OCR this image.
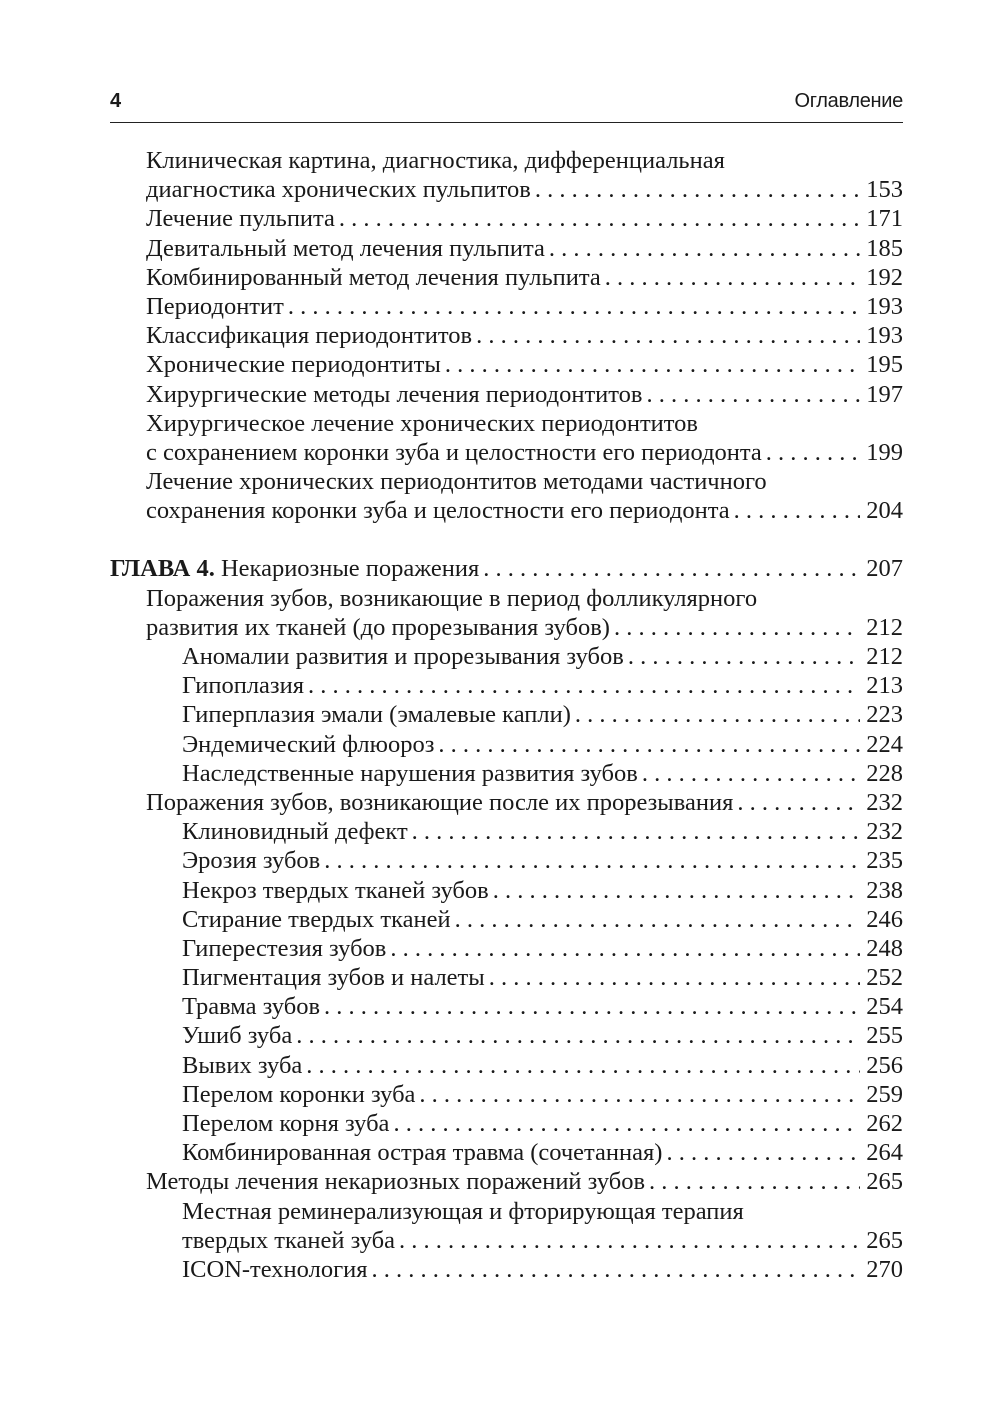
4	Оглавление
Клиническая картина, диагностика, дифференциальная
диагностика хронических пульпитов . . .	153
Лечение пульпита . . .	171
Девитальный метод лечения пульпита . . .	185
Комбинированный метод лечения пульпита . . .	192
Периодонтит . . .	193
Классификация периодонтитов . . .	193
Хронические периодонтиты . . .	195
Хирургические методы лечения периодонтитов . . .	197
Хирургическое лечение хронических периодонтитов
с сохранением коронки зуба и целостности его периодонта . . .	199
Лечение хронических периодонтитов методами частичного
сохранения коронки зуба и целостности его периодонта . . .	204
ГЛАВА 4. Некариозные поражения . . .	207
Поражения зубов, возникающие в период фолликулярного
развития их тканей (до прорезывания зубов) . . .	212
Аномалии развития и прорезывания зубов . . .	212
Гипоплазия . . .	213
Гиперплазия эмали (эмалевые капли) . . .	223
Эндемический флюороз . . .	224
Наследственные нарушения развития зубов . . .	228
Поражения зубов, возникающие после их прорезывания . . .	232
Клиновидный дефект . . .	232
Эрозия зубов . . .	235
Некроз твердых тканей зубов . . .	238
Стирание твердых тканей . . .	246
Гиперестезия зубов . . .	248
Пигментация зубов и налеты . . .	252
Травма зубов . . .	254
Ушиб зуба . . .	255
Вывих зуба . . .	256
Перелом коронки зуба . . .	259
Перелом корня зуба . . .	262
Комбинированная острая травма (сочетанная) . . .	264
Методы лечения некариозных поражений зубов . . .	265
Местная реминерализующая и фторирующая терапия
твердых тканей зуба . . .	265
ICON-технология . . .	270
